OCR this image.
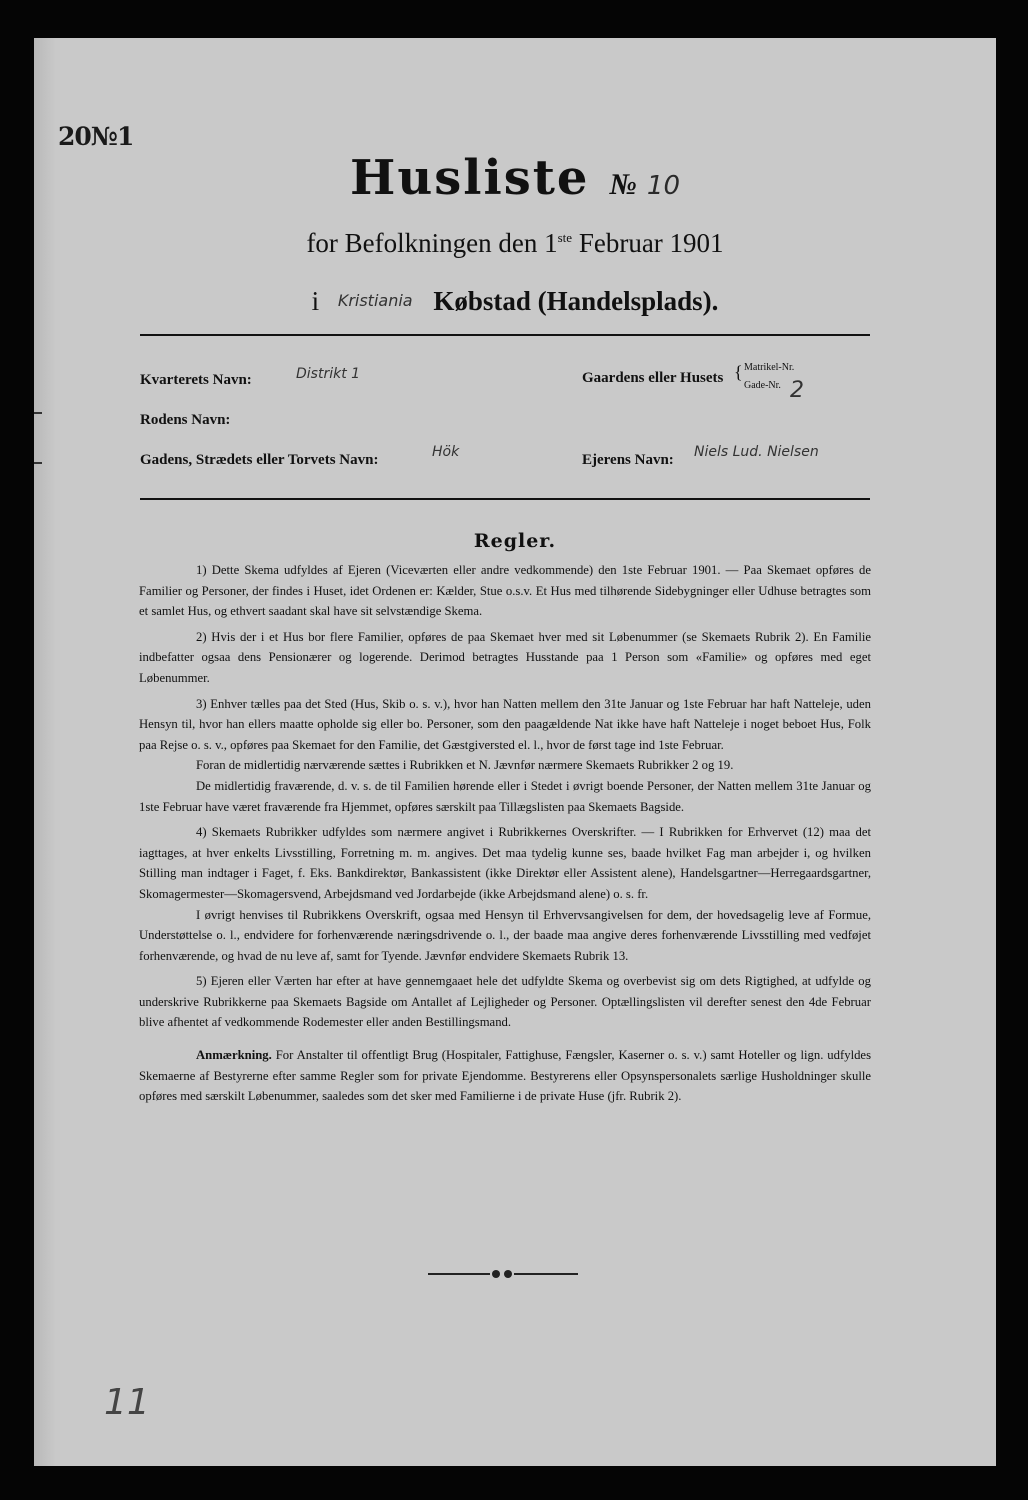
20№1
Husliste № 10
for Befolkningen den 1ste Februar 1901
i Kristiania Købstad (Handelsplads).
Kvarterets Navn:	Distrikt 1
Rodens Navn:
Gadens, Strædets eller Torvets Navn:	Hök
Gaardens eller Husets { Matrikel-Nr.
Gade-Nr. 2
Ejerens Navn: Niels Lud. Nielsen
Regler.

1) Dette Skema udfyldes af Ejeren (Viceværten eller andre vedkommende) den 1ste Februar 1901. — Paa Skemaet opføres de Familier og Personer, der findes i Huset, idet Ordenen er: Kælder, Stue o.s.v. Et Hus med tilhørende Sidebygninger eller Udhuse betragtes som et samlet Hus, og ethvert saadant skal have sit selvstændige Skema.

2) Hvis der i et Hus bor flere Familier, opføres de paa Skemaet hver med sit Løbenummer (se Skemaets Rubrik 2). En Familie indbefatter ogsaa dens Pensionærer og logerende. Derimod betragtes Husstande paa 1 Person som «Familie» og opføres med eget Løbenummer.

3) Enhver tælles paa det Sted (Hus, Skib o. s. v.), hvor han Natten mellem den 31te Januar og 1ste Februar har haft Natteleje, uden Hensyn til, hvor han ellers maatte opholde sig eller bo. Personer, som den paagældende Nat ikke have haft Natteleje i noget beboet Hus, Folk paa Rejse o. s. v., opføres paa Skemaet for den Familie, det Gæstgiversted el. l., hvor de først tage ind 1ste Februar.

Foran de midlertidig nærværende sættes i Rubrikken et N. Jævnfør nærmere Skemaets Rubrikker 2 og 19.

De midlertidig fraværende, d. v. s. de til Familien hørende eller i Stedet i øvrigt boende Personer, der Natten mellem 31te Januar og 1ste Februar have været fraværende fra Hjemmet, opføres særskilt paa Tillægslisten paa Skemaets Bagside.

4) Skemaets Rubrikker udfyldes som nærmere angivet i Rubrikkernes Overskrifter. — I Rubrikken for Erhvervet (12) maa det iagttages, at hver enkelts Livsstilling, Forretning m. m. angives. Det maa tydelig kunne ses, baade hvilket Fag man arbejder i, og hvilken Stilling man indtager i Faget, f. Eks. Bankdirektør, Bankassistent (ikke Direktør eller Assistent alene), Handelsgartner—Herregaardsgartner, Skomagermester—Skomagersvend, Arbejdsmand ved Jordarbejde (ikke Arbejdsmand alene) o. s. fr.

I øvrigt henvises til Rubrikkens Overskrift, ogsaa med Hensyn til Erhvervsangivelsen for dem, der hovedsagelig leve af Formue, Understøttelse o. l., endvidere for forhenværende næringsdrivende o. l., der baade maa angive deres forhenværende Livsstilling med vedføjet forhenværende, og hvad de nu leve af, samt for Tyende. Jævnfør endvidere Skemaets Rubrik 13.

5) Ejeren eller Værten har efter at have gennemgaaet hele det udfyldte Skema og overbevist sig om dets Rigtighed, at udfylde og underskrive Rubrikkerne paa Skemaets Bagside om Antallet af Lejligheder og Personer. Optællingslisten vil derefter senest den 4de Februar blive afhentet af vedkommende Rodemester eller anden Bestillingsmand.

Anmærkning. For Anstalter til offentligt Brug (Hospitaler, Fattighuse, Fængsler, Kaserner o. s. v.) samt Hoteller og lign. udfyldes Skemaerne af Bestyrerne efter samme Regler som for private Ejendomme. Bestyrerens eller Opsynspersonalets særlige Husholdninger skulle opføres med særskilt Løbenummer, saaledes som det sker med Familierne i de private Huse (jfr. Rubrik 2).

11
